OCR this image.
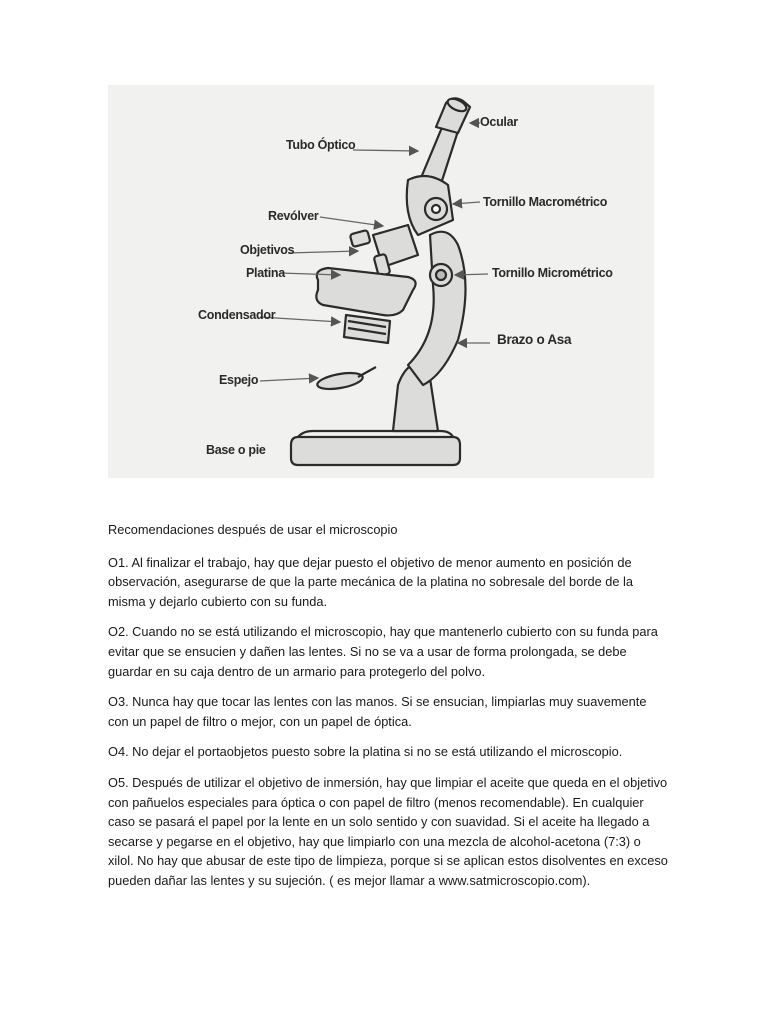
Ocular
Tubo Óptico
Tornillo Macrométrico
Revólver
Objetivos
Platina	Tornillo Micrométrico
Condensador
Brazo o Asa
Espejo
Base o pie
Recomendaciones después de usar el microscopio

O1. Al finalizar el trabajo, hay que dejar puesto el objetivo de menor aumento en posición de observación, asegurarse de que la parte mecánica de la platina no sobresale del borde de la misma y dejarlo cubierto con su funda.

O2. Cuando no se está utilizando el microscopio, hay que mantenerlo cubierto con su funda para evitar que se ensucien y dañen las lentes. Si no se va a usar de forma prolongada, se debe guardar en su caja dentro de un armario para protegerlo del polvo.

O3. Nunca hay que tocar las lentes con las manos. Si se ensucian, limpiarlas muy suavemente con un papel de filtro o mejor, con un papel de óptica.

O4. No dejar el portaobjetos puesto sobre la platina si no se está utilizando el microscopio.

O5. Después de utilizar el objetivo de inmersión, hay que limpiar el aceite que queda en el objetivo con pañuelos especiales para óptica o con papel de filtro (menos recomendable). En cualquier caso se pasará el papel por la lente en un solo sentido y con suavidad. Si el aceite ha llegado a secarse y pegarse en el objetivo, hay que limpiarlo con una mezcla de alcohol-acetona (7:3) o xilol. No hay que abusar de este tipo de limpieza, porque si se aplican estos disolventes en exceso pueden dañar las lentes y su sujeción. ( es mejor llamar a www.satmicroscopio.com).
